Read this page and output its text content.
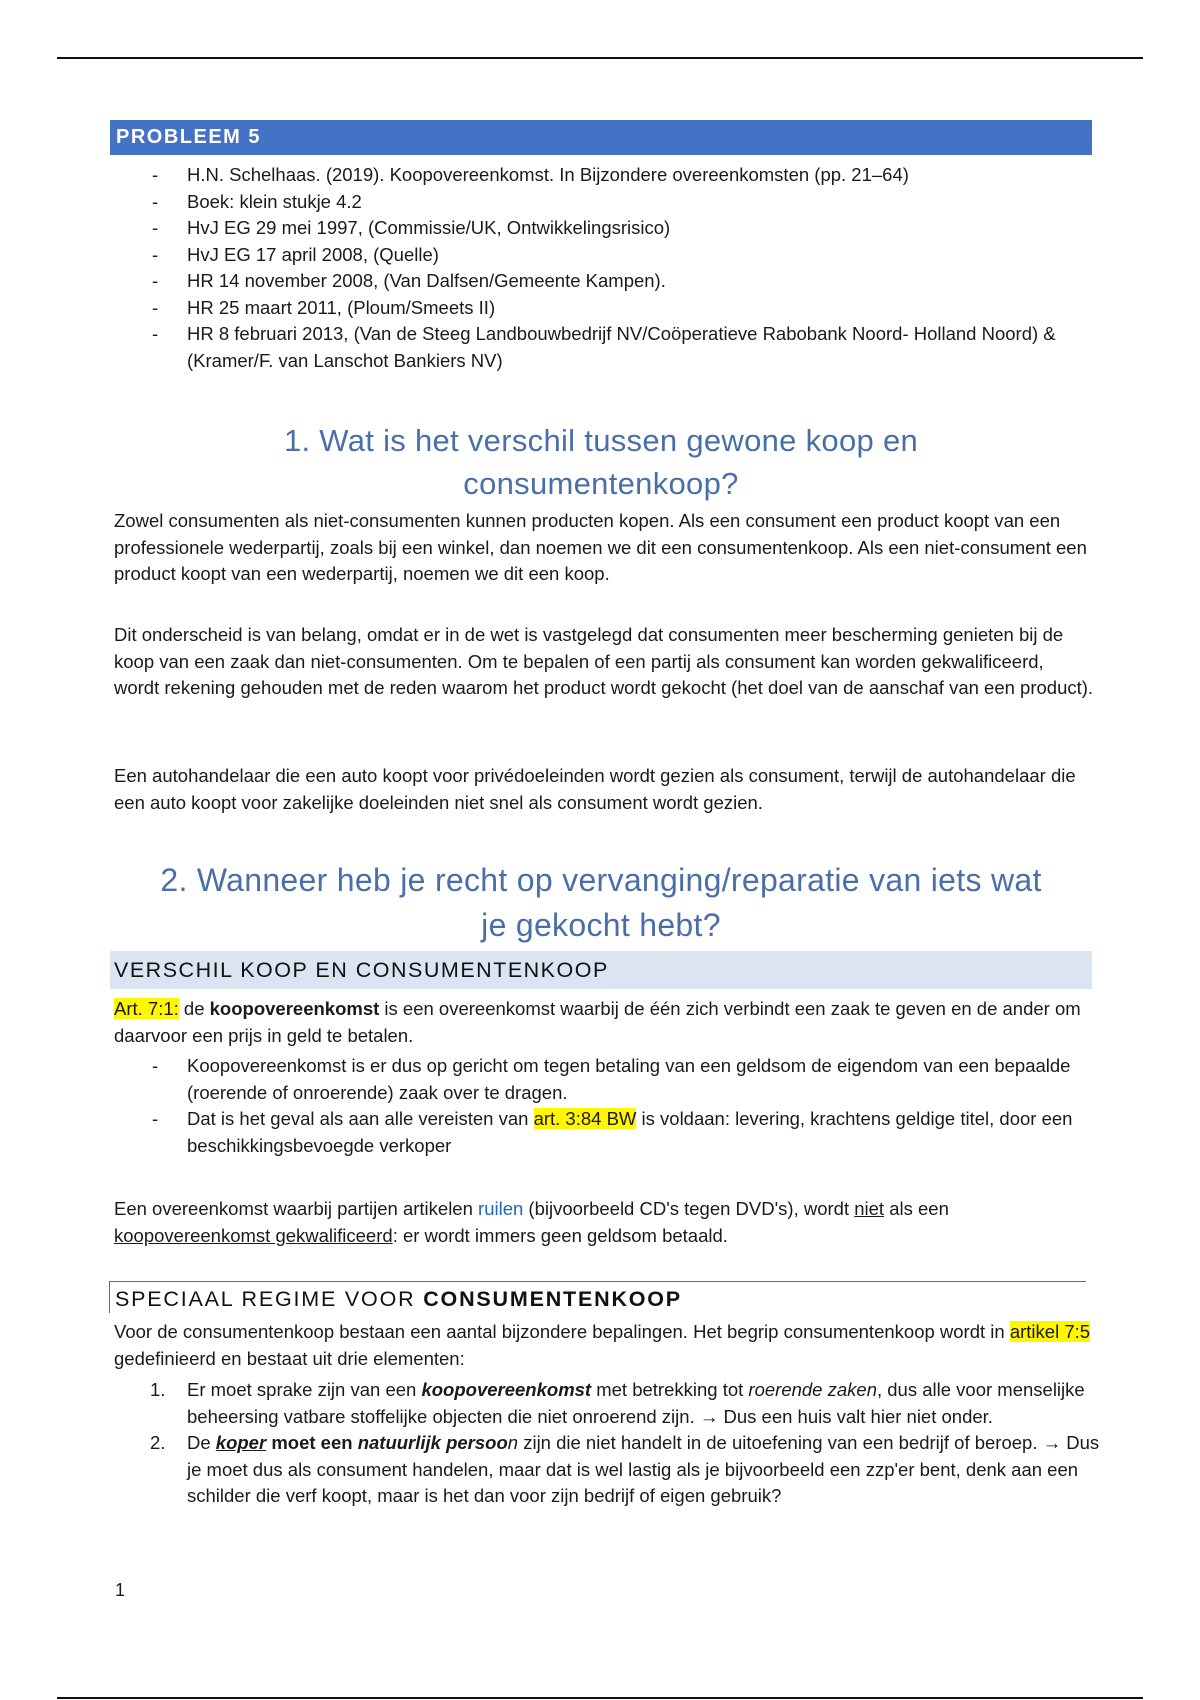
PROBLEEM 5
- H.N. Schelhaas. (2019). Koopovereenkomst. In Bijzondere overeenkomsten (pp. 21–64)
- Boek: klein stukje 4.2
- HvJ EG 29 mei 1997, (Commissie/UK, Ontwikkelingsrisico)
- HvJ EG 17 april 2008, (Quelle)
- HR 14 november 2008, (Van Dalfsen/Gemeente Kampen).
- HR 25 maart 2011, (Ploum/Smeets II)
- HR 8 februari 2013, (Van de Steeg Landbouwbedrijf NV/Coöperatieve Rabobank Noord- Holland Noord) & (Kramer/F. van Lanschot Bankiers NV)
1. Wat is het verschil tussen gewone koop en
consumentenkoop?

Zowel consumenten als niet-consumenten kunnen producten kopen. Als een consument een product koopt van een professionele wederpartij, zoals bij een winkel, dan noemen we dit een consumentenkoop. Als een niet-consument een product koopt van een wederpartij, noemen we dit een koop.

Dit onderscheid is van belang, omdat er in de wet is vastgelegd dat consumenten meer bescherming genieten bij de koop van een zaak dan niet-consumenten. Om te bepalen of een partij als consument kan worden gekwalificeerd, wordt rekening gehouden met de reden waarom het product wordt gekocht (het doel van de aanschaf van een product).

Een autohandelaar die een auto koopt voor privédoeleinden wordt gezien als consument, terwijl de autohandelaar die een auto koopt voor zakelijke doeleinden niet snel als consument wordt gezien.

2. Wanneer heb je recht op vervanging/reparatie van iets wat
je gekocht hebt?
VERSCHIL KOOP EN CONSUMENTENKOOP

Art. 7:1: de koopovereenkomst is een overeenkomst waarbij de één zich verbindt een zaak te geven en de ander om daarvoor een prijs in geld te betalen.

- Koopovereenkomst is er dus op gericht om tegen betaling van een geldsom de eigendom van een bepaalde (roerende of onroerende) zaak over te dragen.
- Dat is het geval als aan alle vereisten van art. 3:84 BW is voldaan: levering, krachtens geldige titel, door een beschikkingsbevoegde verkoper

Een overeenkomst waarbij partijen artikelen ruilen (bijvoorbeeld CD's tegen DVD's), wordt niet als een koopovereenkomst gekwalificeerd: er wordt immers geen geldsom betaald.

SPECIAAL REGIME VOOR CONSUMENTENKOOP

Voor de consumentenkoop bestaan een aantal bijzondere bepalingen. Het begrip consumentenkoop wordt in artikel 7:5 gedefinieerd en bestaat uit drie elementen:

1. Er moet sprake zijn van een koopovereenkomst met betrekking tot roerende zaken, dus alle voor menselijke beheersing vatbare stoffelijke objecten die niet onroerend zijn. → Dus een huis valt hier niet onder.
2. De koper moet een natuurlijk persoon zijn die niet handelt in de uitoefening van een bedrijf of beroep. → Dus je moet dus als consument handelen, maar dat is wel lastig als je bijvoorbeeld een zzp'er bent, denk aan een schilder die verf koopt, maar is het dan voor zijn bedrijf of eigen gebruik?
1
